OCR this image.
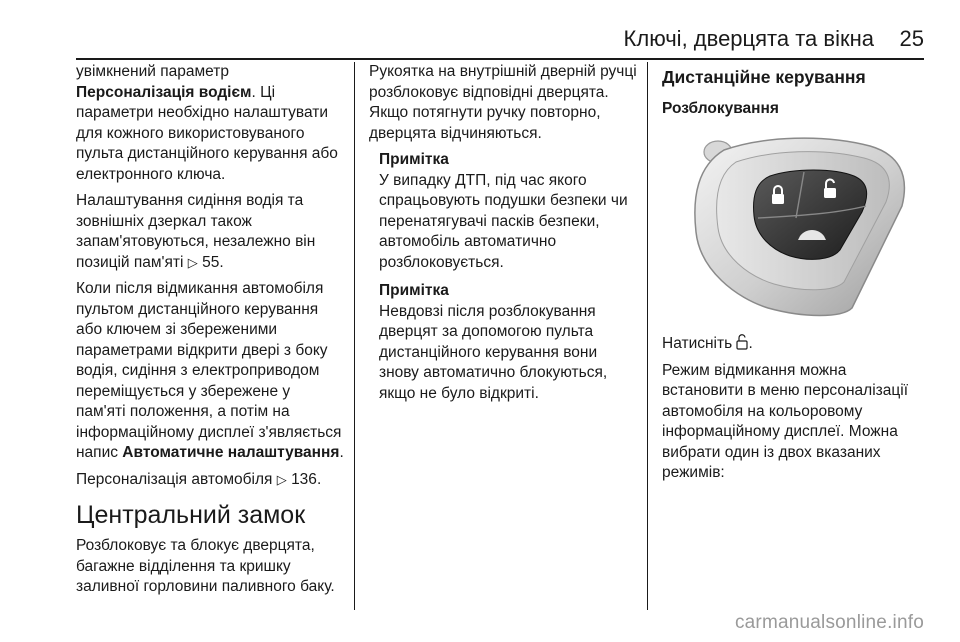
Ключі, дверцята та вікна 25

увімкнений параметр Персоналізація водієм. Ці параметри необхідно налаштувати для кожного використовуваного пульта дистанційного керування або електронного ключа.

Налаштування сидіння водія та зовнішніх дзеркал також запам'ятовуються, незалежно він позицій пам'яті ▷ 55.

Коли після відмикання автомобіля пультом дистанційного керування або ключем зі збереженими параметрами відкрити двері з боку водія, сидіння з електроприводом переміщується у збережене у пам'яті положення, а потім на інформаційному дисплеї з'являється напис Автоматичне налаштування.

Персоналізація автомобіля ▷ 136.

Центральний замок

Розблоковує та блокує дверцята, багажне відділення та кришку заливної горловини паливного баку.

Рукоятка на внутрішній дверній ручці розблоковує відповідні дверцята. Якщо потягнути ручку повторно, дверцята відчиняються.

Примітка
У випадку ДТП, під час якого спрацьовують подушки безпеки чи перенатягувачі пасків безпеки, автомобіль автоматично розблоковується.
Примітка
Невдовзі після розблокування дверцят за допомогою пульта дистанційного керування вони знову автоматично блокуються, якщо не було відкриті.
Дистанційне керування
Розблокування

Натисніть .

Режим відмикання можна встановити в меню персоналізації автомобіля на кольоровому інформаційному дисплеї. Можна вибрати один із двох вказаних режимів:

carmanualsonline.info
